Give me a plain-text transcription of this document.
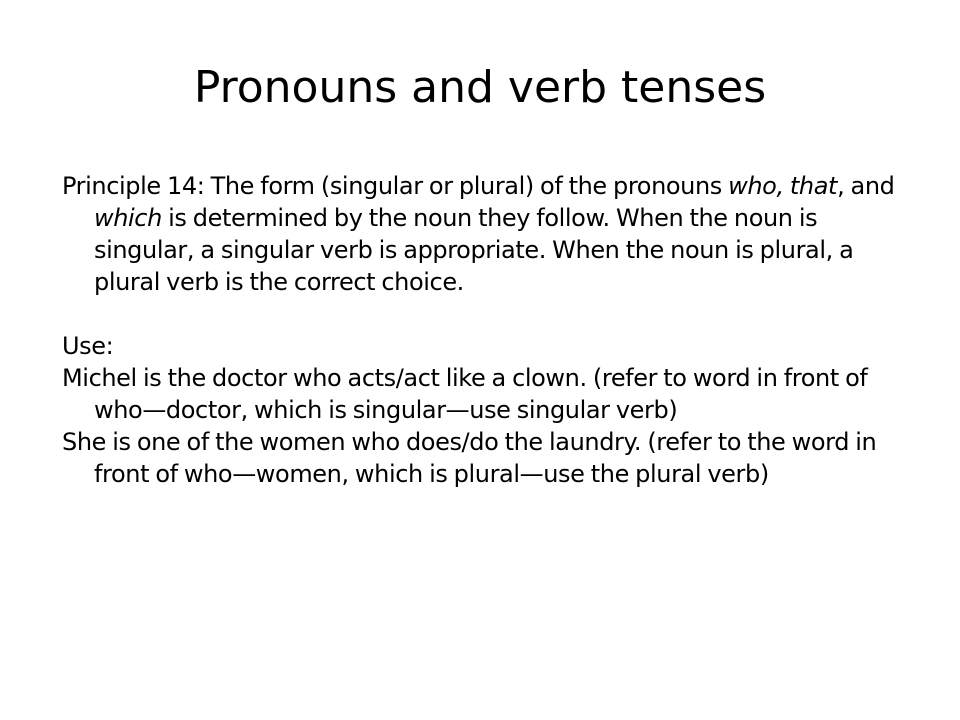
Pronouns and verb tenses

Principle 14: The form (singular or plural) of the pronouns who, that, and which is determined by the noun they follow. When the noun is singular, a singular verb is appropriate. When the noun is plural, a plural verb is the correct choice.

Use:

Michel is the doctor who acts/act like a clown. (refer to word in front of who—doctor, which is singular—use singular verb)

She is one of the women who does/do the laundry. (refer to the word in front of who—women, which is plural—use the plural verb)
